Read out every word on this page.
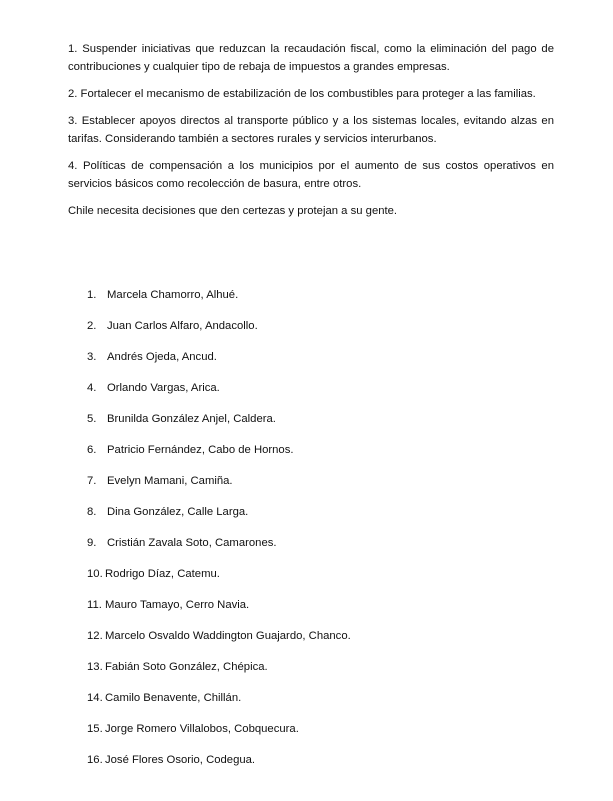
1. Suspender iniciativas que reduzcan la recaudación fiscal, como la eliminación del pago de contribuciones y cualquier tipo de rebaja de impuestos a grandes empresas.

2. Fortalecer el mecanismo de estabilización de los combustibles para proteger a las familias.

3. Establecer apoyos directos al transporte público y a los sistemas locales, evitando alzas en tarifas. Considerando también a sectores rurales y servicios interurbanos.

4. Políticas de compensación a los municipios por el aumento de sus costos operativos en servicios básicos como recolección de basura, entre otros.

Chile necesita decisiones que den certezas y protejan a su gente.

1. Marcela Chamorro, Alhué.
2. Juan Carlos Alfaro, Andacollo.
3. Andrés Ojeda, Ancud.
4. Orlando Vargas, Arica.
5. Brunilda González Anjel, Caldera.
6. Patricio Fernández, Cabo de Hornos.
7. Evelyn Mamani, Camiña.
8. Dina González, Calle Larga.
9. Cristián Zavala Soto, Camarones.
10. Rodrigo Díaz, Catemu.
11. Mauro Tamayo, Cerro Navia.
12. Marcelo Osvaldo Waddington Guajardo, Chanco.
13. Fabián Soto González, Chépica.
14. Camilo Benavente, Chillán.
15. Jorge Romero Villalobos, Cobquecura.
16. José Flores Osorio, Codegua.
